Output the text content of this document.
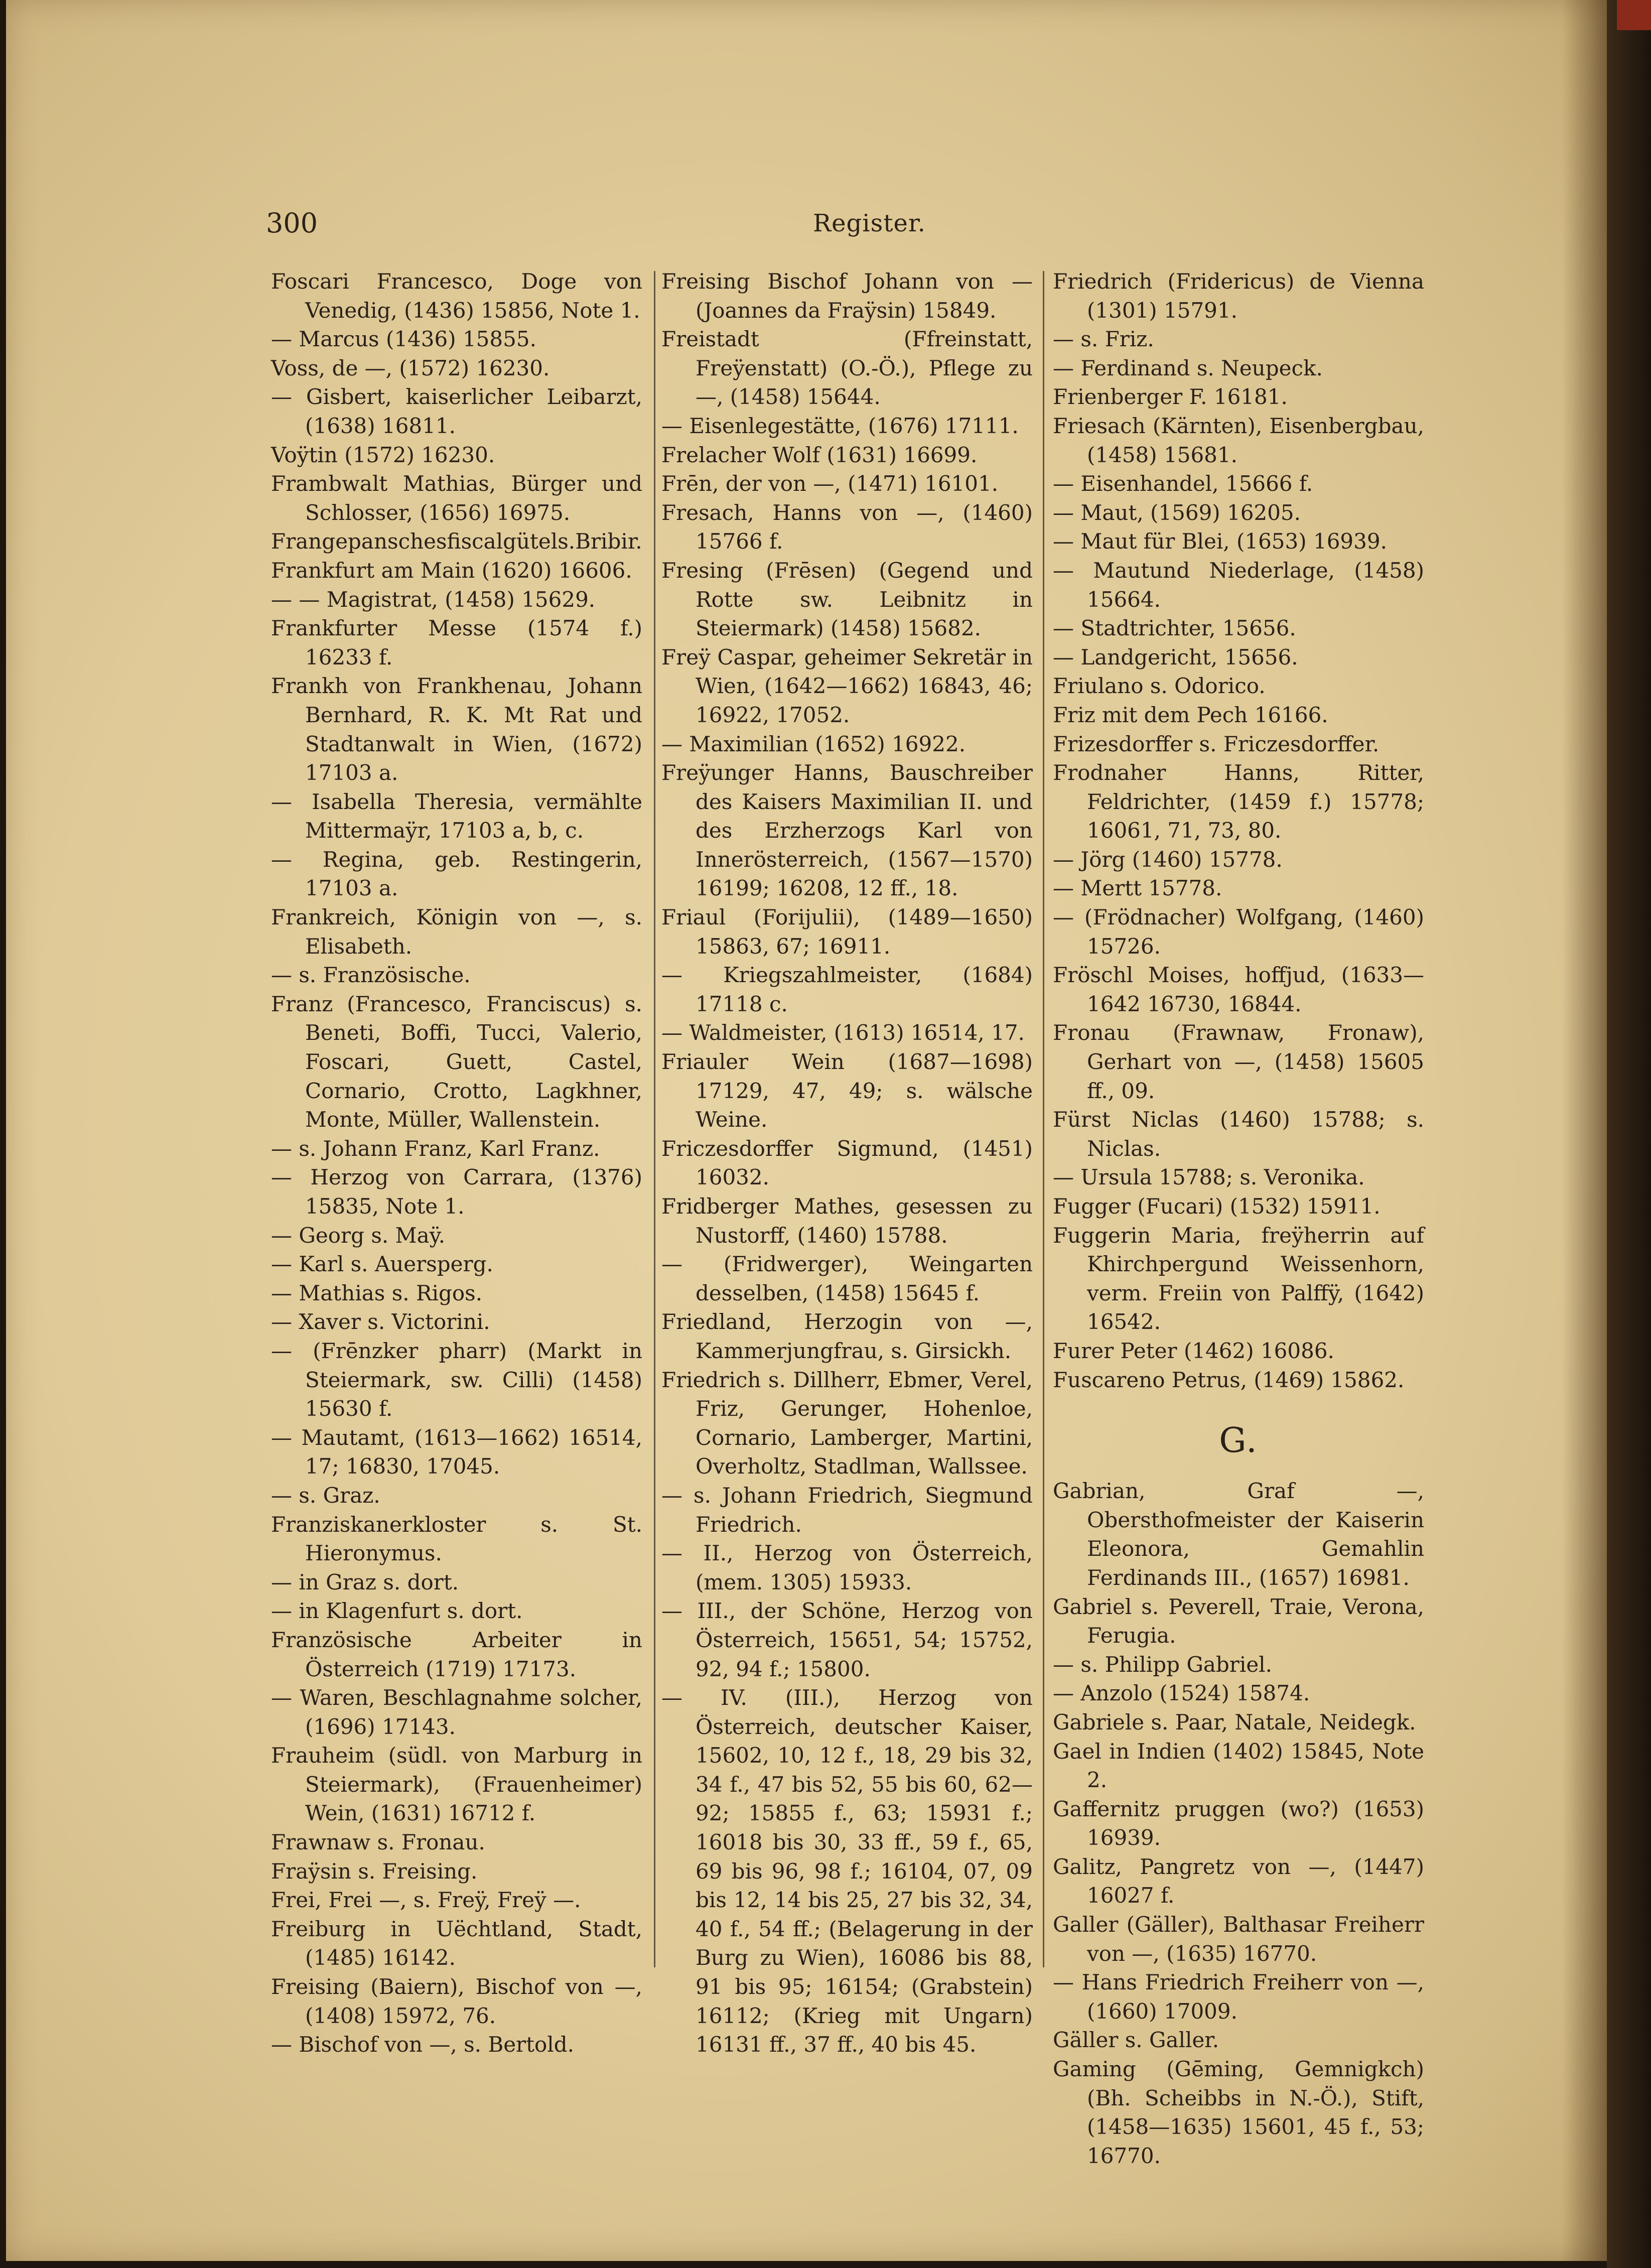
300	Register.

Foscari Francesco, Doge von Venedig, (1436) 15856, Note 1.

— Marcus (1436) 15855.

Voss, de —, (1572) 16230.

— Gisbert, kaiserlicher Leibarzt, (1638) 16811.

Voÿtin (1572) 16230.

Frambwalt Mathias, Bürger und Schlosser, (1656) 16975.

Frangepanschesfiscalgütels.Bribir.

Frankfurt am Main (1620) 16606.

— — Magistrat, (1458) 15629.

Frankfurter Messe (1574 f.) 16233 f.

Frankh von Frankhenau, Johann Bernhard, R. K. Mt Rat und Stadtanwalt in Wien, (1672) 17103 a.

— Isabella Theresia, vermählte Mittermaÿr, 17103 a, b, c.

— Regina, geb. Restingerin, 17103 a.

Frankreich, Königin von —, s. Elisabeth.

— s. Französische.

Franz (Francesco, Franciscus) s. Beneti, Boffi, Tucci, Valerio, Foscari, Guett, Castel, Cornario, Crotto, Lagkhner, Monte, Müller, Wallenstein.

— s. Johann Franz, Karl Franz.

— Herzog von Carrara, (1376) 15835, Note 1.

— Georg s. Maÿ.

— Karl s. Auersperg.

— Mathias s. Rigos.

— Xaver s. Victorini.

— (Frēnzker pharr) (Markt in Steiermark, sw. Cilli) (1458) 15630 f.

— Mautamt, (1613—1662) 16514, 17; 16830, 17045.

— s. Graz.

Franziskanerkloster s. St. Hieronymus.

— in Graz s. dort.

— in Klagenfurt s. dort.

Französische Arbeiter in Österreich (1719) 17173.

— Waren, Beschlagnahme solcher, (1696) 17143.

Frauheim (südl. von Marburg in Steiermark), (Frauenheimer) Wein, (1631) 16712 f.

Frawnaw s. Fronau.

Fraÿsin s. Freising.

Frei, Frei —, s. Freÿ, Freÿ —.

Freiburg in Uëchtland, Stadt, (1485) 16142.

Freising (Baiern), Bischof von —, (1408) 15972, 76.

— Bischof von —, s. Bertold.

Freising Bischof Johann von — (Joannes da Fraÿsin) 15849.

Freistadt (Ffreinstatt, Freÿenstatt) (O.-Ö.), Pflege zu —, (1458) 15644.

— Eisenlegestätte, (1676) 17111.

Frelacher Wolf (1631) 16699.

Frēn, der von —, (1471) 16101.

Fresach, Hanns von —, (1460) 15766 f.

Fresing (Frēsen) (Gegend und Rotte sw. Leibnitz in Steiermark) (1458) 15682.

Freÿ Caspar, geheimer Sekretär in Wien, (1642—1662) 16843, 46; 16922, 17052.

— Maximilian (1652) 16922.

Freÿunger Hanns, Bauschreiber des Kaisers Maximilian II. und des Erzherzogs Karl von Innerösterreich, (1567—1570) 16199; 16208, 12 ff., 18.

Friaul (Forijulii), (1489—1650) 15863, 67; 16911.

— Kriegszahlmeister, (1684) 17118 c.

— Waldmeister, (1613) 16514, 17.

Friauler Wein (1687—1698) 17129, 47, 49; s. wälsche Weine.

Friczesdorffer Sigmund, (1451) 16032.

Fridberger Mathes, gesessen zu Nustorff, (1460) 15788.

— (Fridwerger), Weingarten desselben, (1458) 15645 f.

Friedland, Herzogin von —, Kammerjungfrau, s. Girsickh.

Friedrich s. Dillherr, Ebmer, Verel, Friz, Gerunger, Hohenloe, Cornario, Lamberger, Martini, Overholtz, Stadlman, Wallssee.

— s. Johann Friedrich, Siegmund Friedrich.

— II., Herzog von Österreich, (mem. 1305) 15933.

— III., der Schöne, Herzog von Österreich, 15651, 54; 15752, 92, 94 f.; 15800.

— IV. (III.), Herzog von Österreich, deutscher Kaiser, 15602, 10, 12 f., 18, 29 bis 32, 34 f., 47 bis 52, 55 bis 60, 62—92; 15855 f., 63; 15931 f.; 16018 bis 30, 33 ff., 59 f., 65, 69 bis 96, 98 f.; 16104, 07, 09 bis 12, 14 bis 25, 27 bis 32, 34, 40 f., 54 ff.; (Belagerung in der Burg zu Wien), 16086 bis 88, 91 bis 95; 16154; (Grabstein) 16112; (Krieg mit Ungarn) 16131 ff., 37 ff., 40 bis 45.

Friedrich (Fridericus) de Vienna (1301) 15791.

— s. Friz.

— Ferdinand s. Neupeck.

Frienberger F. 16181.

Friesach (Kärnten), Eisenbergbau, (1458) 15681.

— Eisenhandel, 15666 f.

— Maut, (1569) 16205.

— Maut für Blei, (1653) 16939.

— Mautund Niederlage, (1458) 15664.

— Stadtrichter, 15656.

— Landgericht, 15656.

Friulano s. Odorico.

Friz mit dem Pech 16166.

Frizesdorffer s. Friczesdorffer.

Frodnaher Hanns, Ritter, Feldrichter, (1459 f.) 15778; 16061, 71, 73, 80.

— Jörg (1460) 15778.

— Mertt 15778.

— (Frödnacher) Wolfgang, (1460) 15726.

Fröschl Moises, hoffjud, (1633—1642 16730, 16844.

Fronau (Frawnaw, Fronaw), Gerhart von —, (1458) 15605 ff., 09.

Fürst Niclas (1460) 15788; s. Niclas.

— Ursula 15788; s. Veronika.

Fugger (Fucari) (1532) 15911.

Fuggerin Maria, freÿherrin auf Khirchpergund Weissenhorn, verm. Freiin von Palffÿ, (1642) 16542.

Furer Peter (1462) 16086.

Fuscareno Petrus, (1469) 15862.

G.

Gabrian, Graf —, Obersthofmeister der Kaiserin Eleonora, Gemahlin Ferdinands III., (1657) 16981.

Gabriel s. Peverell, Traie, Verona, Ferugia.

— s. Philipp Gabriel.

— Anzolo (1524) 15874.

Gabriele s. Paar, Natale, Neidegk.

Gael in Indien (1402) 15845, Note 2.

Gaffernitz pruggen (wo?) (1653) 16939.

Galitz, Pangretz von —, (1447) 16027 f.

Galler (Gäller), Balthasar Freiherr von —, (1635) 16770.

— Hans Friedrich Freiherr von —, (1660) 17009.

Gäller s. Galler.

Gaming (Gēming, Gemnigkch) (Bh. Scheibbs in N.-Ö.), Stift, (1458—1635) 15601, 45 f., 53; 16770.
